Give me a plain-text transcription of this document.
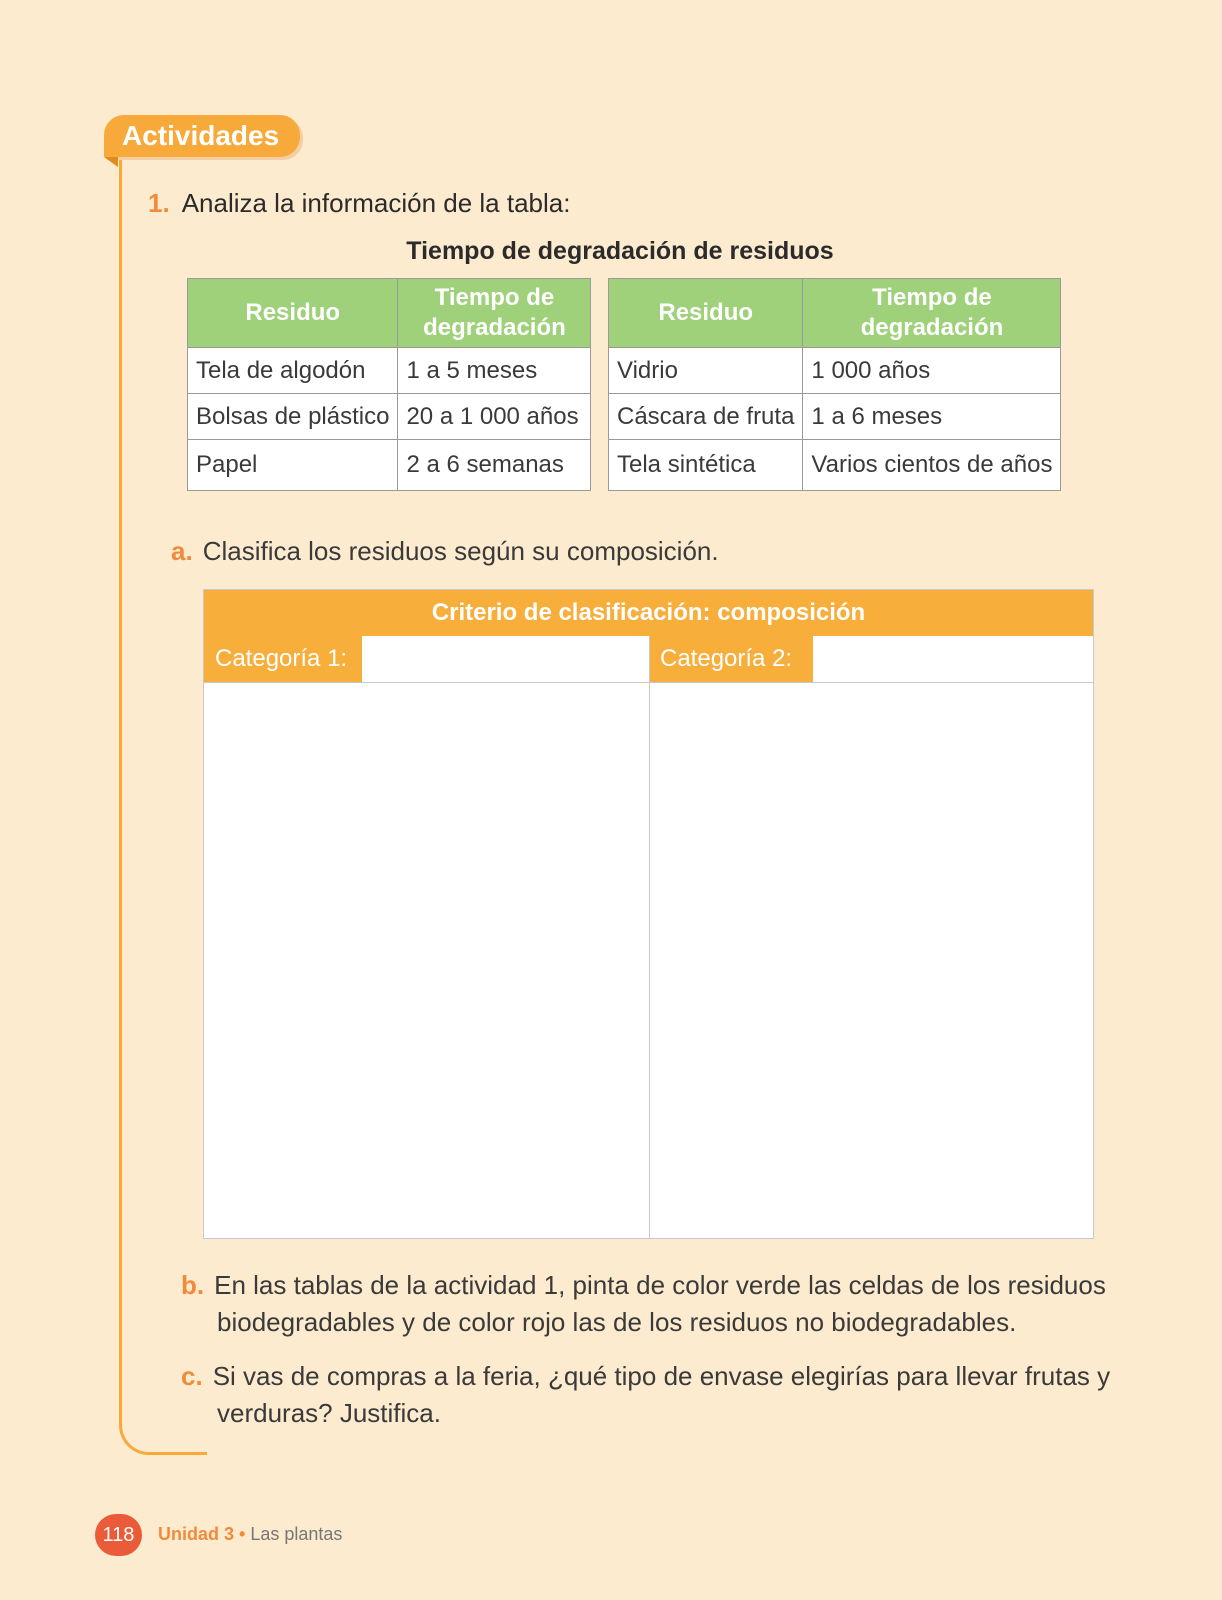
Actividades
1. Analiza la información de la tabla:
Tiempo de degradación de residuos
Residuo	Tiempo de degradación
Tela de algodón	1 a 5 meses
Bolsas de plástico	20 a 1 000 años
Papel	2 a 6 semanas
Residuo	Tiempo de degradación
Vidrio	1 000 años
Cáscara de fruta	1 a 6 meses
Tela sintética	Varios cientos de años
a. Clasifica los residuos según su composición.
Criterio de clasificación: composición
Categoría 1:	Categoría 2:
b. En las tablas de la actividad 1, pinta de color verde las celdas de los residuos biodegradables y de color rojo las de los residuos no biodegradables.
c. Si vas de compras a la feria, ¿qué tipo de envase elegirías para llevar frutas y verduras? Justifica.
118	Unidad 3 • Las plantas
